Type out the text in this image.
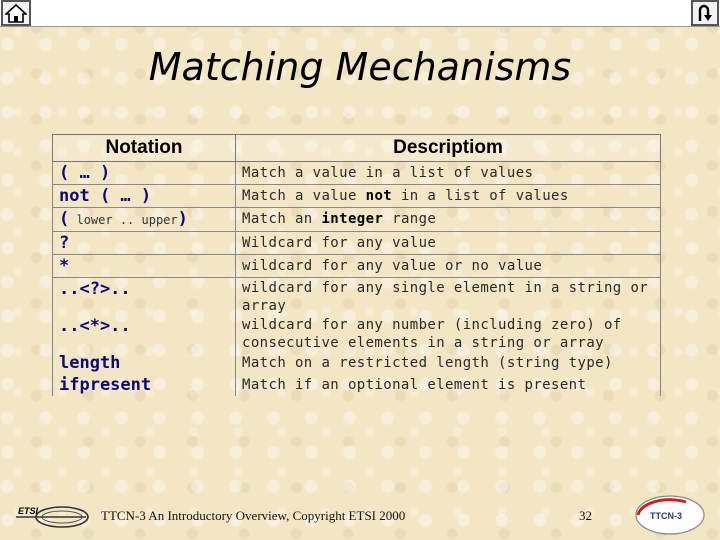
Matching Mechanisms
Notation	Descriptiom
( … )	Match a value in a list of values
not ( … )	Match a value not in a list of values
( lower .. upper)	Match an integer range
?	Wildcard for any value
*	wildcard for any value or no value
..<?>..	wildcard for any single element in a string or array
..<*>..	wildcard for any number (including zero) of consecutive elements in a string or array
length	Match on a restricted length (string type)
ifpresent	Match if an optional element is present
ETSI	TTCN-3 An Introductory Overview, Copyright ETSI 2000	32	TTCN-3
